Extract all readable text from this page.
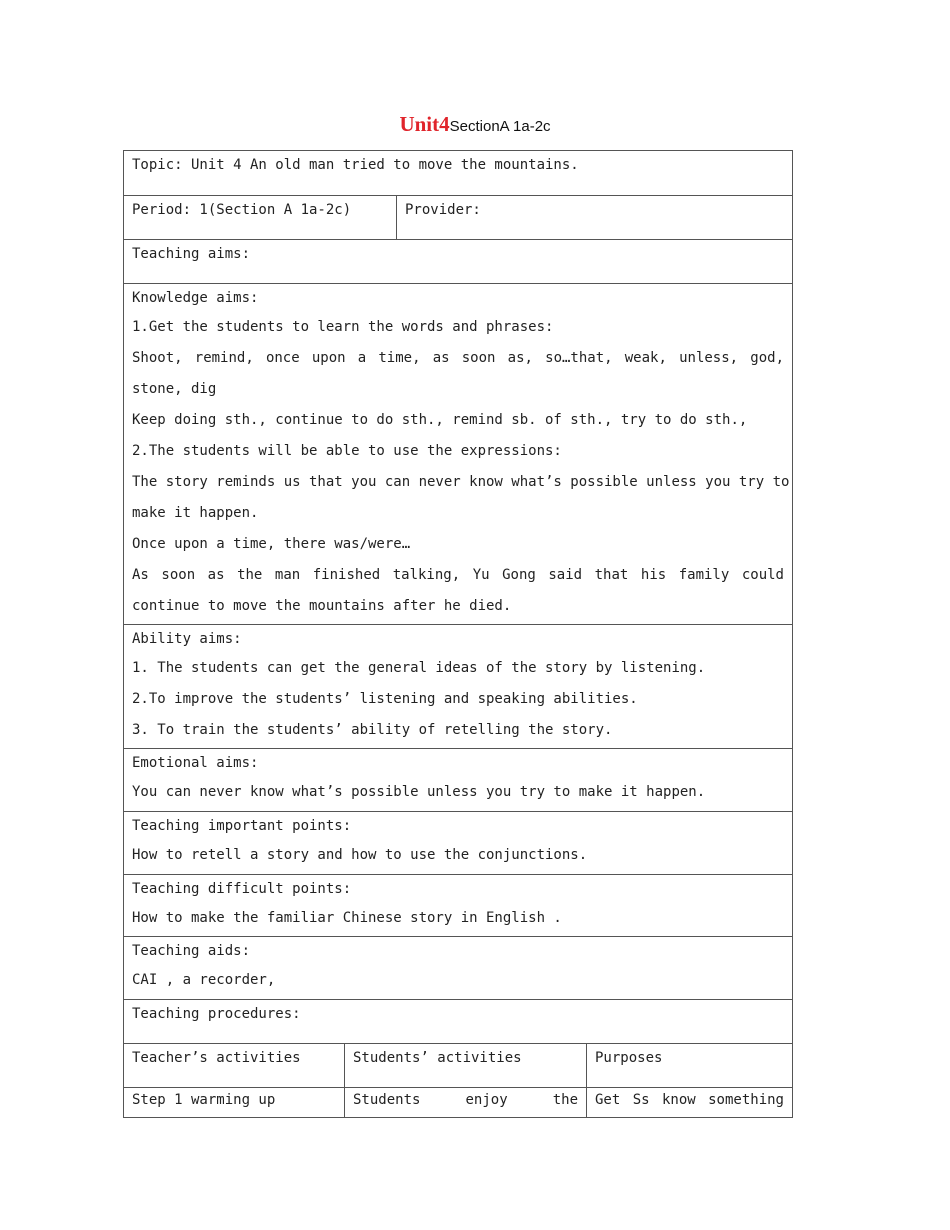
Unit4SectionA 1a-2c
Topic: Unit 4 An old man tried to move the mountains.
Period: 1(Section A 1a-2c)	Provider:
Teaching aims:
Knowledge aims:
1.Get the students to learn the words and phrases:
Shoot, remind, once upon a time, as soon as, so…that, weak, unless, god,
stone, dig
Keep doing sth., continue to do sth., remind sb. of sth., try to do sth.,
2.The students will be able to use the expressions:
The story reminds us that you can never know what’s possible unless you try to
make it happen.
Once upon a time, there was/were…
As soon as the man finished talking, Yu Gong said that his family could
continue to move the mountains after he died.
Ability aims:
1. The students can get the general ideas of the story by listening.
2.To improve the students’ listening and speaking abilities.
3. To train the students’ ability of retelling the story.
Emotional aims:
You can never know what’s possible unless you try to make it happen.
Teaching important points:
How to retell a story and how to use the conjunctions.
Teaching difficult points:
How to make the familiar Chinese story in English .
Teaching aids:
CAI , a recorder,
Teaching procedures:
Teacher’s activities	Students’ activities	Purposes
Step 1 warming up	Students enjoy the	Get Ss know something
